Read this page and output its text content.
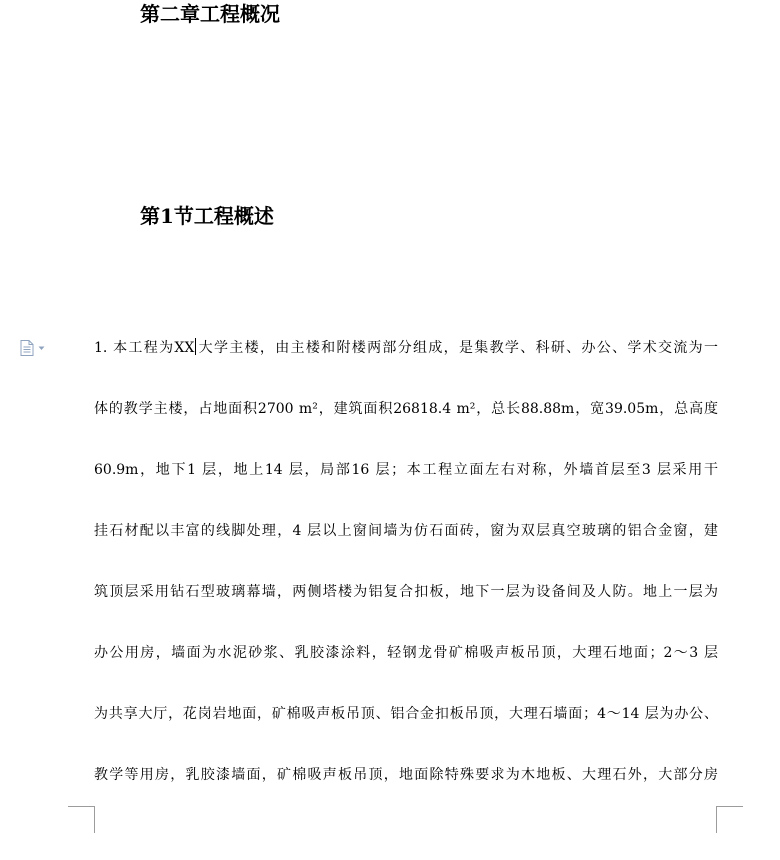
第二章工程概况
第1节工程概述
1. 本工程为XX 大学主楼，由主楼和附楼两部分组成，是集教学、科研、办公、学术交流为一
体的教学主楼，占地面积2700 m²，建筑面积26818.4 m²，总长88.88m，宽39.05m，总高度
60.9m，地下1 层，地上14 层，局部16 层；本工程立面左右对称，外墙首层至3 层采用干
挂石材配以丰富的线脚处理，4 层以上窗间墙为仿石面砖，窗为双层真空玻璃的铝合金窗，建
筑顶层采用钻石型玻璃幕墙，两侧塔楼为铝复合扣板，地下一层为设备间及人防。地上一层为
办公用房，墙面为水泥砂浆、乳胶漆涂料，轻钢龙骨矿棉吸声板吊顶，大理石地面；2～3 层
为共享大厅，花岗岩地面，矿棉吸声板吊顶、铝合金扣板吊顶，大理石墙面；4～14 层为办公、
教学等用房，乳胶漆墙面，矿棉吸声板吊顶，地面除特殊要求为木地板、大理石外，大部分房
